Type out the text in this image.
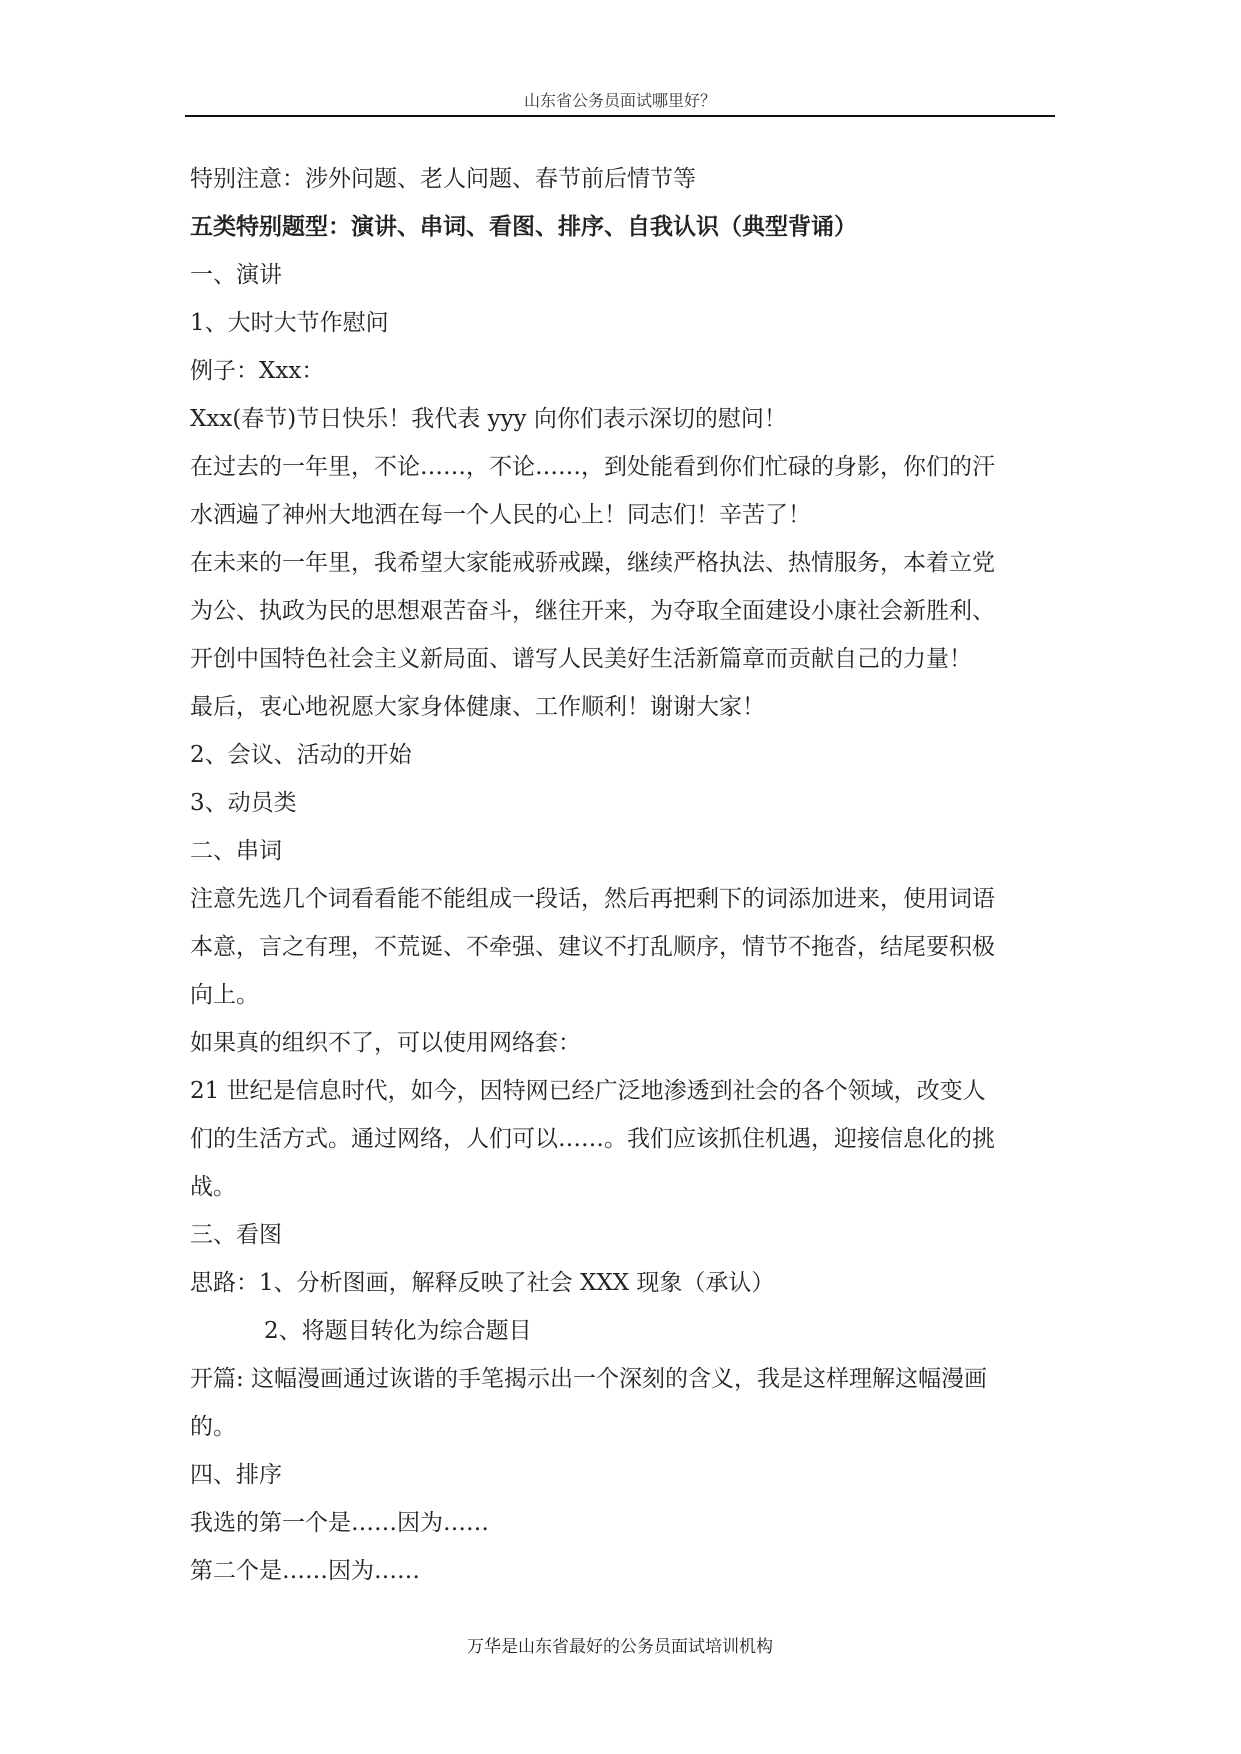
山东省公务员面试哪里好？
特别注意：涉外问题、老人问题、春节前后情节等
五类特别题型：演讲、串词、看图、排序、自我认识（典型背诵）
一、演讲
1、大时大节作慰问
例子：Xxx：
Xxx(春节)节日快乐！我代表 yyy 向你们表示深切的慰问！
在过去的一年里，不论……，不论……，到处能看到你们忙碌的身影，你们的汗
水洒遍了神州大地洒在每一个人民的心上！同志们！辛苦了！
在未来的一年里，我希望大家能戒骄戒躁，继续严格执法、热情服务，本着立党
为公、执政为民的思想艰苦奋斗，继往开来，为夺取全面建设小康社会新胜利、
开创中国特色社会主义新局面、谱写人民美好生活新篇章而贡献自己的力量！
最后，衷心地祝愿大家身体健康、工作顺利！谢谢大家！
2、会议、活动的开始
3、动员类
二、串词
注意先选几个词看看能不能组成一段话，然后再把剩下的词添加进来，使用词语
本意，言之有理，不荒诞、不牵强、建议不打乱顺序，情节不拖沓，结尾要积极
向上。
如果真的组织不了，可以使用网络套：
21 世纪是信息时代，如今，因特网已经广泛地渗透到社会的各个领域，改变人
们的生活方式。通过网络，人们可以……。我们应该抓住机遇，迎接信息化的挑
战。
三、看图
思路：1、分析图画，解释反映了社会 XXX 现象（承认）
2、将题目转化为综合题目
开篇: 这幅漫画通过诙谐的手笔揭示出一个深刻的含义，我是这样理解这幅漫画
的。
四、排序
我选的第一个是……因为……
第二个是……因为……
万华是山东省最好的公务员面试培训机构
